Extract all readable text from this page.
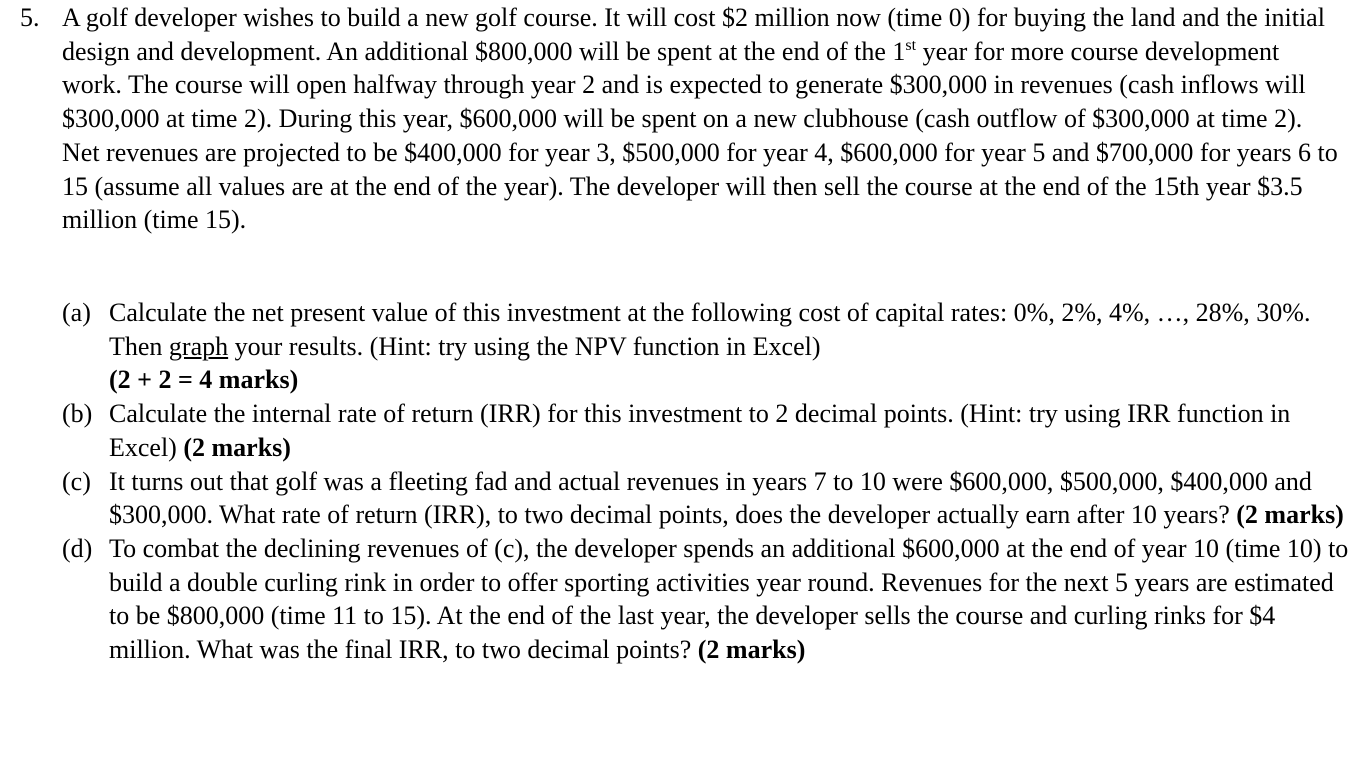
5. A golf developer wishes to build a new golf course. It will cost $2 million now (time 0) for buying the land and the initial design and development. An additional $800,000 will be spent at the end of the 1st year for more course development work. The course will open halfway through year 2 and is expected to generate $300,000 in revenues (cash inflows will $300,000 at time 2). During this year, $600,000 will be spent on a new clubhouse (cash outflow of $300,000 at time 2). Net revenues are projected to be $400,000 for year 3, $500,000 for year 4, $600,000 for year 5 and $700,000 for years 6 to 15 (assume all values are at the end of the year). The developer will then sell the course at the end of the 15th year $3.5 million (time 15).
(a) Calculate the net present value of this investment at the following cost of capital rates: 0%, 2%, 4%, …, 28%, 30%. Then graph your results. (Hint: try using the NPV function in Excel)
(2 + 2 = 4 marks)
(b) Calculate the internal rate of return (IRR) for this investment to 2 decimal points. (Hint: try using IRR function in Excel) (2 marks)
(c) It turns out that golf was a fleeting fad and actual revenues in years 7 to 10 were $600,000, $500,000, $400,000 and $300,000. What rate of return (IRR), to two decimal points, does the developer actually earn after 10 years? (2 marks)
(d) To combat the declining revenues of (c), the developer spends an additional $600,000 at the end of year 10 (time 10) to build a double curling rink in order to offer sporting activities year round. Revenues for the next 5 years are estimated to be $800,000 (time 11 to 15). At the end of the last year, the developer sells the course and curling rinks for $4 million. What was the final IRR, to two decimal points? (2 marks)
